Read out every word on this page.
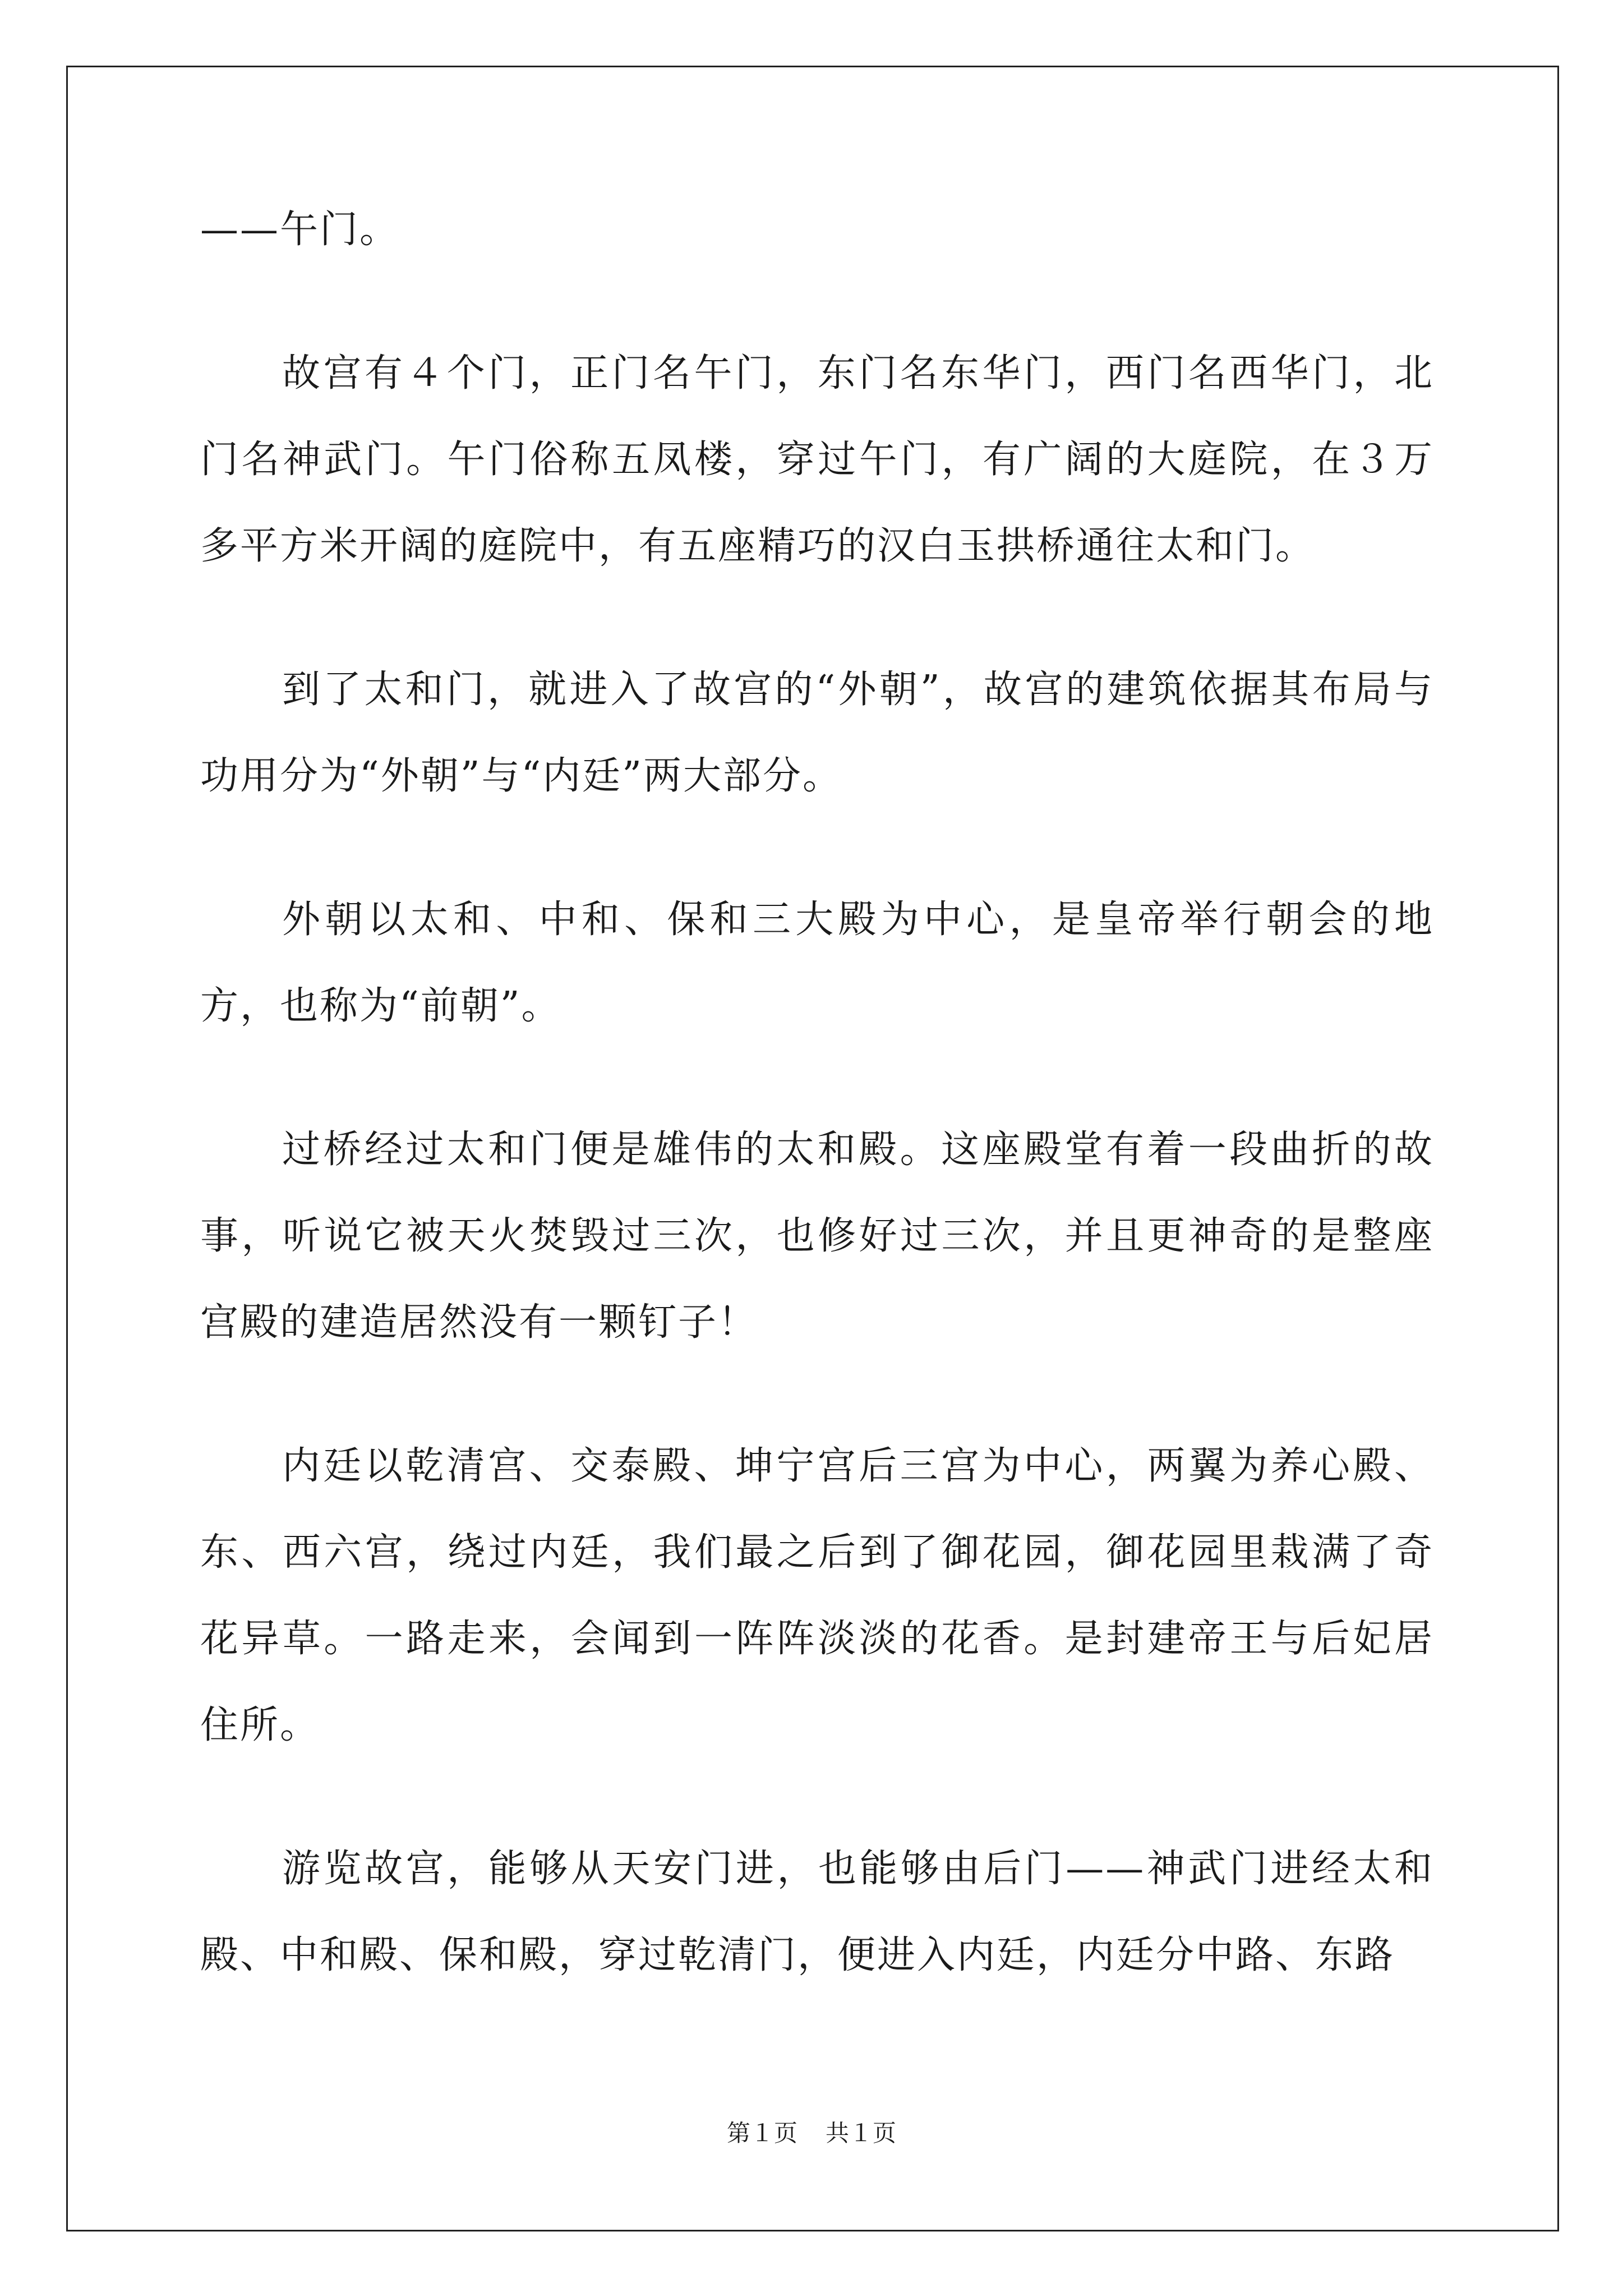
——午门。

故宫有４个门，正门名午门，东门名东华门，西门名西华门，北门名神武门。午门俗称五凤楼，穿过午门，有广阔的大庭院，在３万多平方米开阔的庭院中，有五座精巧的汉白玉拱桥通往太和门。

到了太和门，就进入了故宫的“外朝”，故宫的建筑依据其布局与功用分为“外朝”与“内廷”两大部分。

外朝以太和、中和、保和三大殿为中心，是皇帝举行朝会的地方，也称为“前朝”。

过桥经过太和门便是雄伟的太和殿。这座殿堂有着一段曲折的故事，听说它被天火焚毁过三次，也修好过三次，并且更神奇的是整座宫殿的建造居然没有一颗钉子！

内廷以乾清宫、交泰殿、坤宁宫后三宫为中心，两翼为养心殿、东、西六宫，绕过内廷，我们最之后到了御花园，御花园里栽满了奇花异草。一路走来，会闻到一阵阵淡淡的花香。是封建帝王与后妃居住所。

游览故宫，能够从天安门进，也能够由后门——神武门进经太和殿、中和殿、保和殿，穿过乾清门，便进入内廷，内廷分中路、东路

第１页 共１页
